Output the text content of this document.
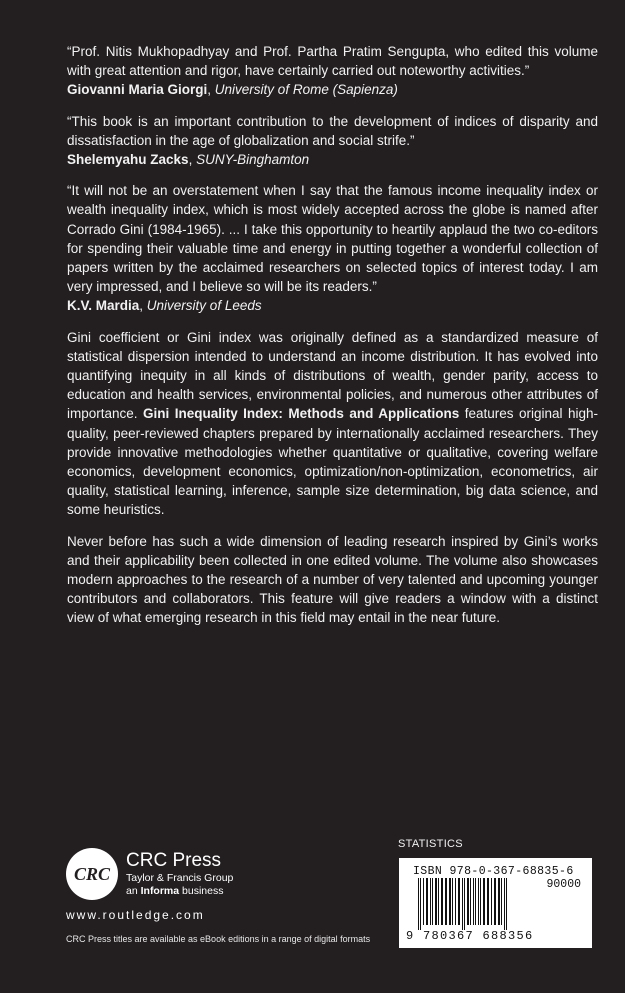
“Prof. Nitis Mukhopadhyay and Prof. Partha Pratim Sengupta, who edited this volume with great attention and rigor, have certainly carried out noteworthy activities.”
Giovanni Maria Giorgi, University of Rome (Sapienza)
“This book is an important contribution to the development of indices of disparity and dissatisfaction in the age of globalization and social strife.”
Shelemyahu Zacks, SUNY-Binghamton
“It will not be an overstatement when I say that the famous income inequality index or wealth inequality index, which is most widely accepted across the globe is named after Corrado Gini (1984-1965). ... I take this opportunity to heartily applaud the two co-editors for spending their valuable time and energy in putting together a wonderful collection of papers written by the acclaimed researchers on selected topics of interest today. I am very impressed, and I believe so will be its readers.”
K.V. Mardia, University of Leeds
Gini coefficient or Gini index was originally defined as a standardized measure of statistical dispersion intended to understand an income distribution. It has evolved into quantifying inequity in all kinds of distributions of wealth, gender parity, access to education and health services, environmental policies, and numerous other attributes of importance. Gini Inequality Index: Methods and Applications features original high-quality, peer-reviewed chapters prepared by internationally acclaimed researchers. They provide innovative methodologies whether quantitative or qualitative, covering welfare economics, development economics, optimization/non-optimization, econometrics, air quality, statistical learning, inference, sample size determination, big data science, and some heuristics.
Never before has such a wide dimension of leading research inspired by Gini’s works and their applicability been collected in one edited volume. The volume also showcases modern approaches to the research of a number of very talented and upcoming younger contributors and collaborators. This feature will give readers a window with a distinct view of what emerging research in this field may entail in the near future.
STATISTICS
ISBN 978-0-367-68835-6
90000
9 780367 688356
CRC
CRC Press
Taylor & Francis Group
an Informa business
www.routledge.com
CRC Press titles are available as eBook editions in a range of digital formats
